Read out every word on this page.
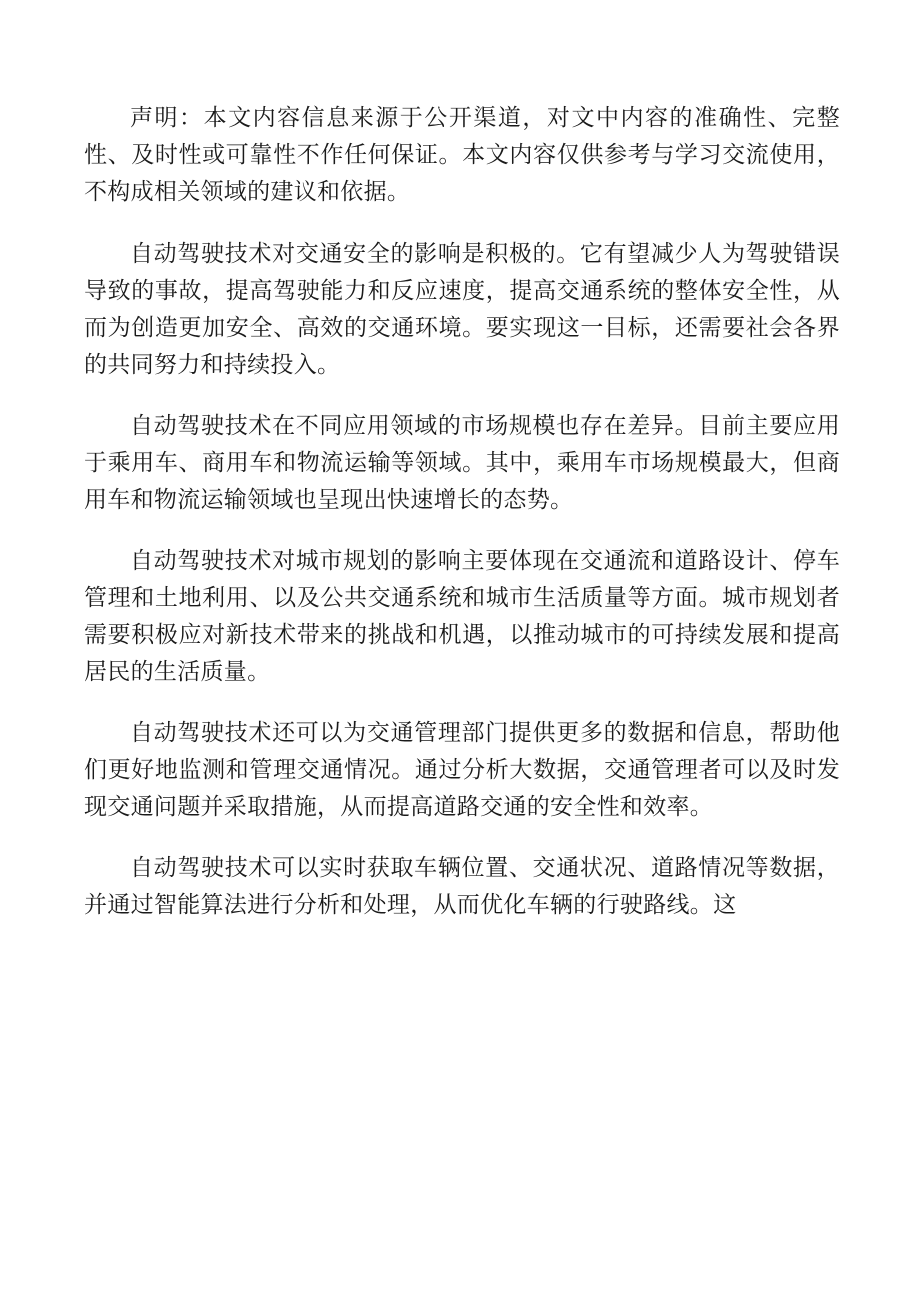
声明：本文内容信息来源于公开渠道，对文中内容的准确性、完整性、及时性或可靠性不作任何保证。本文内容仅供参考与学习交流使用，不构成相关领域的建议和依据。

自动驾驶技术对交通安全的影响是积极的。它有望减少人为驾驶错误导致的事故，提高驾驶能力和反应速度，提高交通系统的整体安全性，从而为创造更加安全、高效的交通环境。要实现这一目标，还需要社会各界的共同努力和持续投入。

自动驾驶技术在不同应用领域的市场规模也存在差异。目前主要应用于乘用车、商用车和物流运输等领域。其中，乘用车市场规模最大，但商用车和物流运输领域也呈现出快速增长的态势。

自动驾驶技术对城市规划的影响主要体现在交通流和道路设计、停车管理和土地利用、以及公共交通系统和城市生活质量等方面。城市规划者需要积极应对新技术带来的挑战和机遇，以推动城市的可持续发展和提高居民的生活质量。

自动驾驶技术还可以为交通管理部门提供更多的数据和信息，帮助他们更好地监测和管理交通情况。通过分析大数据，交通管理者可以及时发现交通问题并采取措施，从而提高道路交通的安全性和效率。

自动驾驶技术可以实时获取车辆位置、交通状况、道路情况等数据，并通过智能算法进行分析和处理，从而优化车辆的行驶路线。这
